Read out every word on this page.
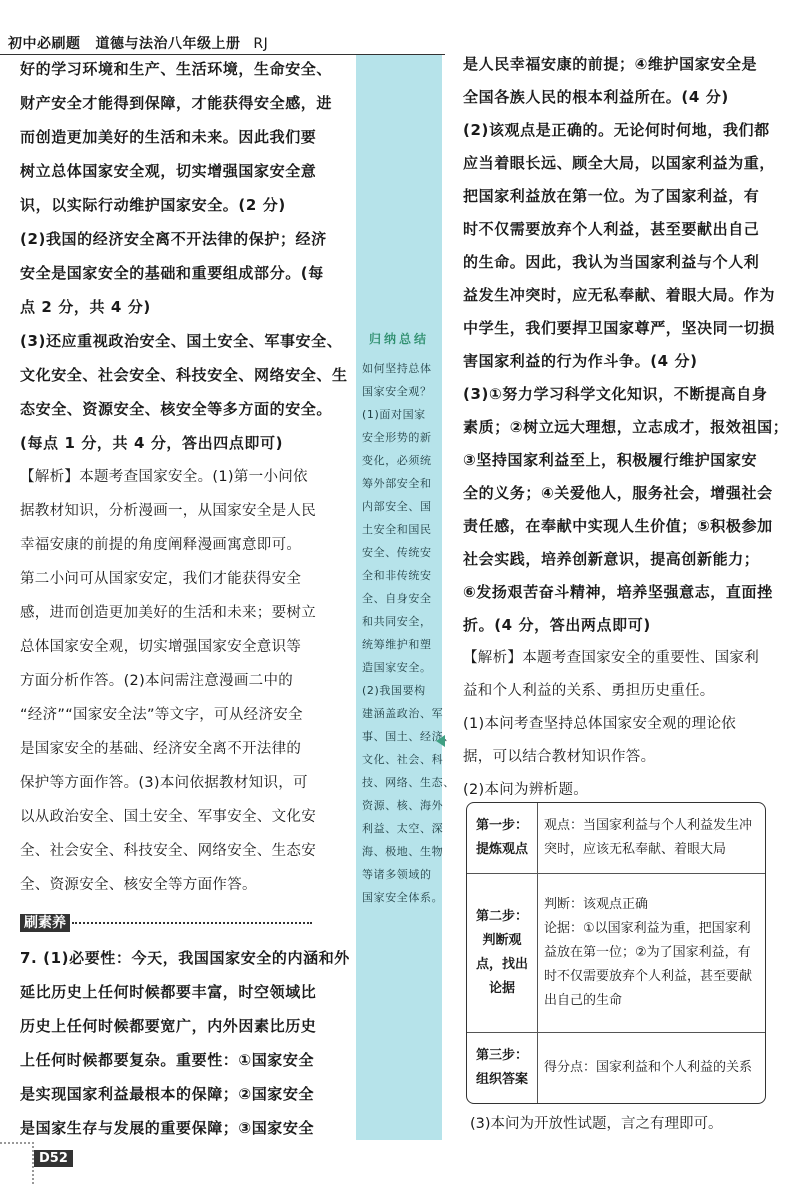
初中必刷题 道德与法治八年级上册 RJ
好的学习环境和生产、生活环境，生命安全、
财产安全才能得到保障，才能获得安全感，进
而创造更加美好的生活和未来。因此我们要
树立总体国家安全观，切实增强国家安全意
识，以实际行动维护国家安全。(2 分)
(2)我国的经济安全离不开法律的保护；经济
安全是国家安全的基础和重要组成部分。(每
点 2 分，共 4 分)
(3)还应重视政治安全、国土安全、军事安全、
文化安全、社会安全、科技安全、网络安全、生
态安全、资源安全、核安全等多方面的安全。
(每点 1 分，共 4 分，答出四点即可)
【解析】本题考查国家安全。(1)第一小问依
据教材知识，分析漫画一，从国家安全是人民
幸福安康的前提的角度阐释漫画寓意即可。
第二小问可从国家安定，我们才能获得安全
感，进而创造更加美好的生活和未来；要树立
总体国家安全观，切实增强国家安全意识等
方面分析作答。(2)本问需注意漫画二中的
“经济”“国家安全法”等文字，可从经济安全
是国家安全的基础、经济安全离不开法律的
保护等方面作答。(3)本问依据教材知识，可
以从政治安全、国土安全、军事安全、文化安
全、社会安全、科技安全、网络安全、生态安
全、资源安全、核安全等方面作答。
刷素养
7. (1)必要性：今天，我国国家安全的内涵和外
延比历史上任何时候都要丰富，时空领域比
历史上任何时候都要宽广，内外因素比历史
上任何时候都要复杂。重要性：①国家安全
是实现国家利益最根本的保障；②国家安全
是国家生存与发展的重要保障；③国家安全
归纳总结
如何坚持总体
国家安全观？
(1)面对国家
安全形势的新
变化，必须统
筹外部安全和
内部安全、国
土安全和国民
安全、传统安
全和非传统安
全、自身安全
和共同安全，
统筹维护和塑
造国家安全。
(2)我国要构
建涵盖政治、军
事、国土、经济、
文化、社会、科
技、网络、生态、
资源、核、海外
利益、太空、深
海、极地、生物
等诸多领域的
国家安全体系。
是人民幸福安康的前提；④维护国家安全是
全国各族人民的根本利益所在。(4 分)
(2)该观点是正确的。无论何时何地，我们都
应当着眼长远、顾全大局，以国家利益为重，
把国家利益放在第一位。为了国家利益，有
时不仅需要放弃个人利益，甚至要献出自己
的生命。因此，我认为当国家利益与个人利
益发生冲突时，应无私奉献、着眼大局。作为
中学生，我们要捍卫国家尊严，坚决同一切损
害国家利益的行为作斗争。(4 分)
(3)①努力学习科学文化知识，不断提高自身
素质；②树立远大理想，立志成才，报效祖国；
③坚持国家利益至上，积极履行维护国家安
全的义务；④关爱他人，服务社会，增强社会
责任感，在奉献中实现人生价值；⑤积极参加
社会实践，培养创新意识，提高创新能力；
⑥发扬艰苦奋斗精神，培养坚强意志，直面挫
折。(4 分，答出两点即可)
【解析】本题考查国家安全的重要性、国家利
益和个人利益的关系、勇担历史重任。
(1)本问考查坚持总体国家安全观的理论依
据，可以结合教材知识作答。
(2)本问为辨析题。
第一步：提炼观点	观点：当国家利益与个人利益发生冲突时，应该无私奉献、着眼大局
第二步：判断观点，找出论据	判断：该观点正确
论据：①以国家利益为重，把国家利益放在第一位；②为了国家利益，有时不仅需要放弃个人利益，甚至要献出自己的生命
第三步：组织答案	得分点：国家利益和个人利益的关系
(3)本问为开放性试题，言之有理即可。
D52
